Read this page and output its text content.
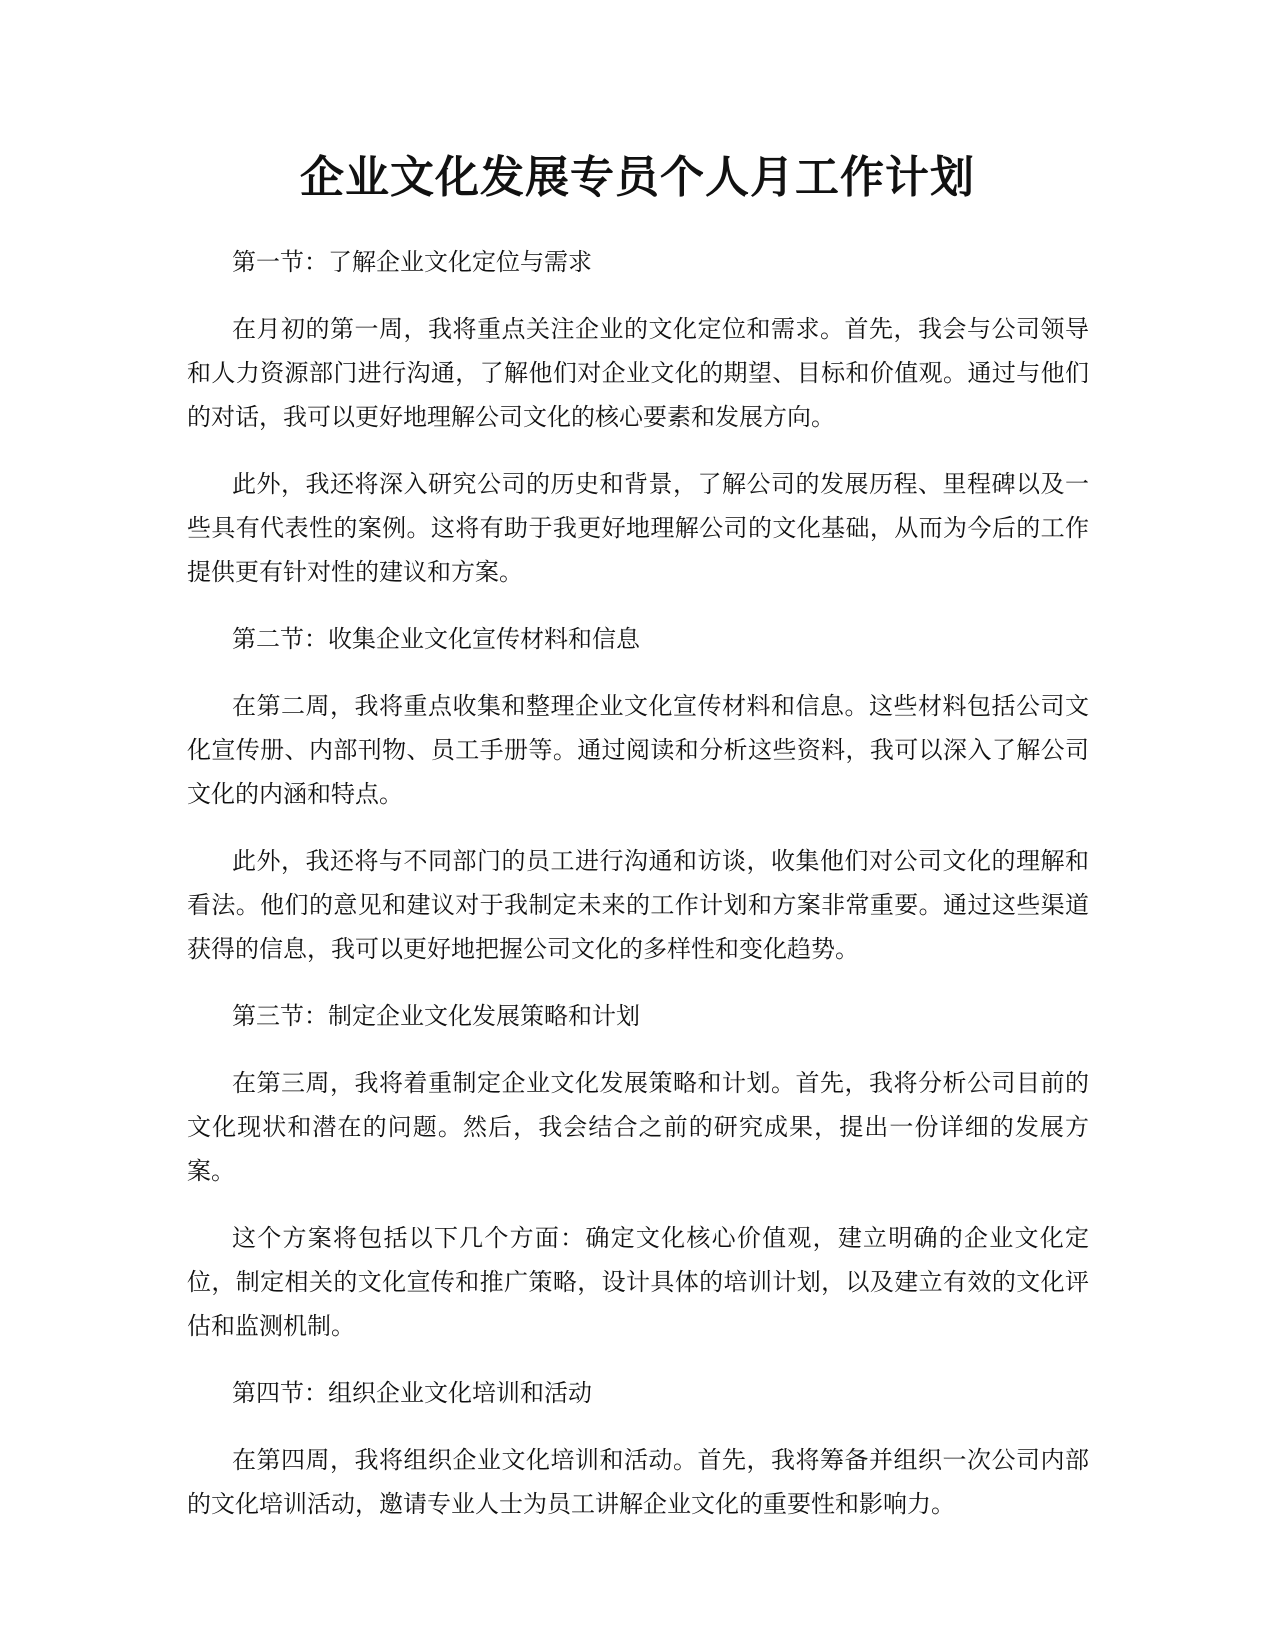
企业文化发展专员个人月工作计划

第一节：了解企业文化定位与需求

在月初的第一周，我将重点关注企业的文化定位和需求。首先，我会与公司领导和人力资源部门进行沟通，了解他们对企业文化的期望、目标和价值观。通过与他们的对话，我可以更好地理解公司文化的核心要素和发展方向。

此外，我还将深入研究公司的历史和背景，了解公司的发展历程、里程碑以及一些具有代表性的案例。这将有助于我更好地理解公司的文化基础，从而为今后的工作提供更有针对性的建议和方案。

第二节：收集企业文化宣传材料和信息

在第二周，我将重点收集和整理企业文化宣传材料和信息。这些材料包括公司文化宣传册、内部刊物、员工手册等。通过阅读和分析这些资料，我可以深入了解公司文化的内涵和特点。

此外，我还将与不同部门的员工进行沟通和访谈，收集他们对公司文化的理解和看法。他们的意见和建议对于我制定未来的工作计划和方案非常重要。通过这些渠道获得的信息，我可以更好地把握公司文化的多样性和变化趋势。

第三节：制定企业文化发展策略和计划

在第三周，我将着重制定企业文化发展策略和计划。首先，我将分析公司目前的文化现状和潜在的问题。然后，我会结合之前的研究成果，提出一份详细的发展方案。

这个方案将包括以下几个方面：确定文化核心价值观，建立明确的企业文化定位，制定相关的文化宣传和推广策略，设计具体的培训计划，以及建立有效的文化评估和监测机制。

第四节：组织企业文化培训和活动

在第四周，我将组织企业文化培训和活动。首先，我将筹备并组织一次公司内部的文化培训活动，邀请专业人士为员工讲解企业文化的重要性和影响力。
